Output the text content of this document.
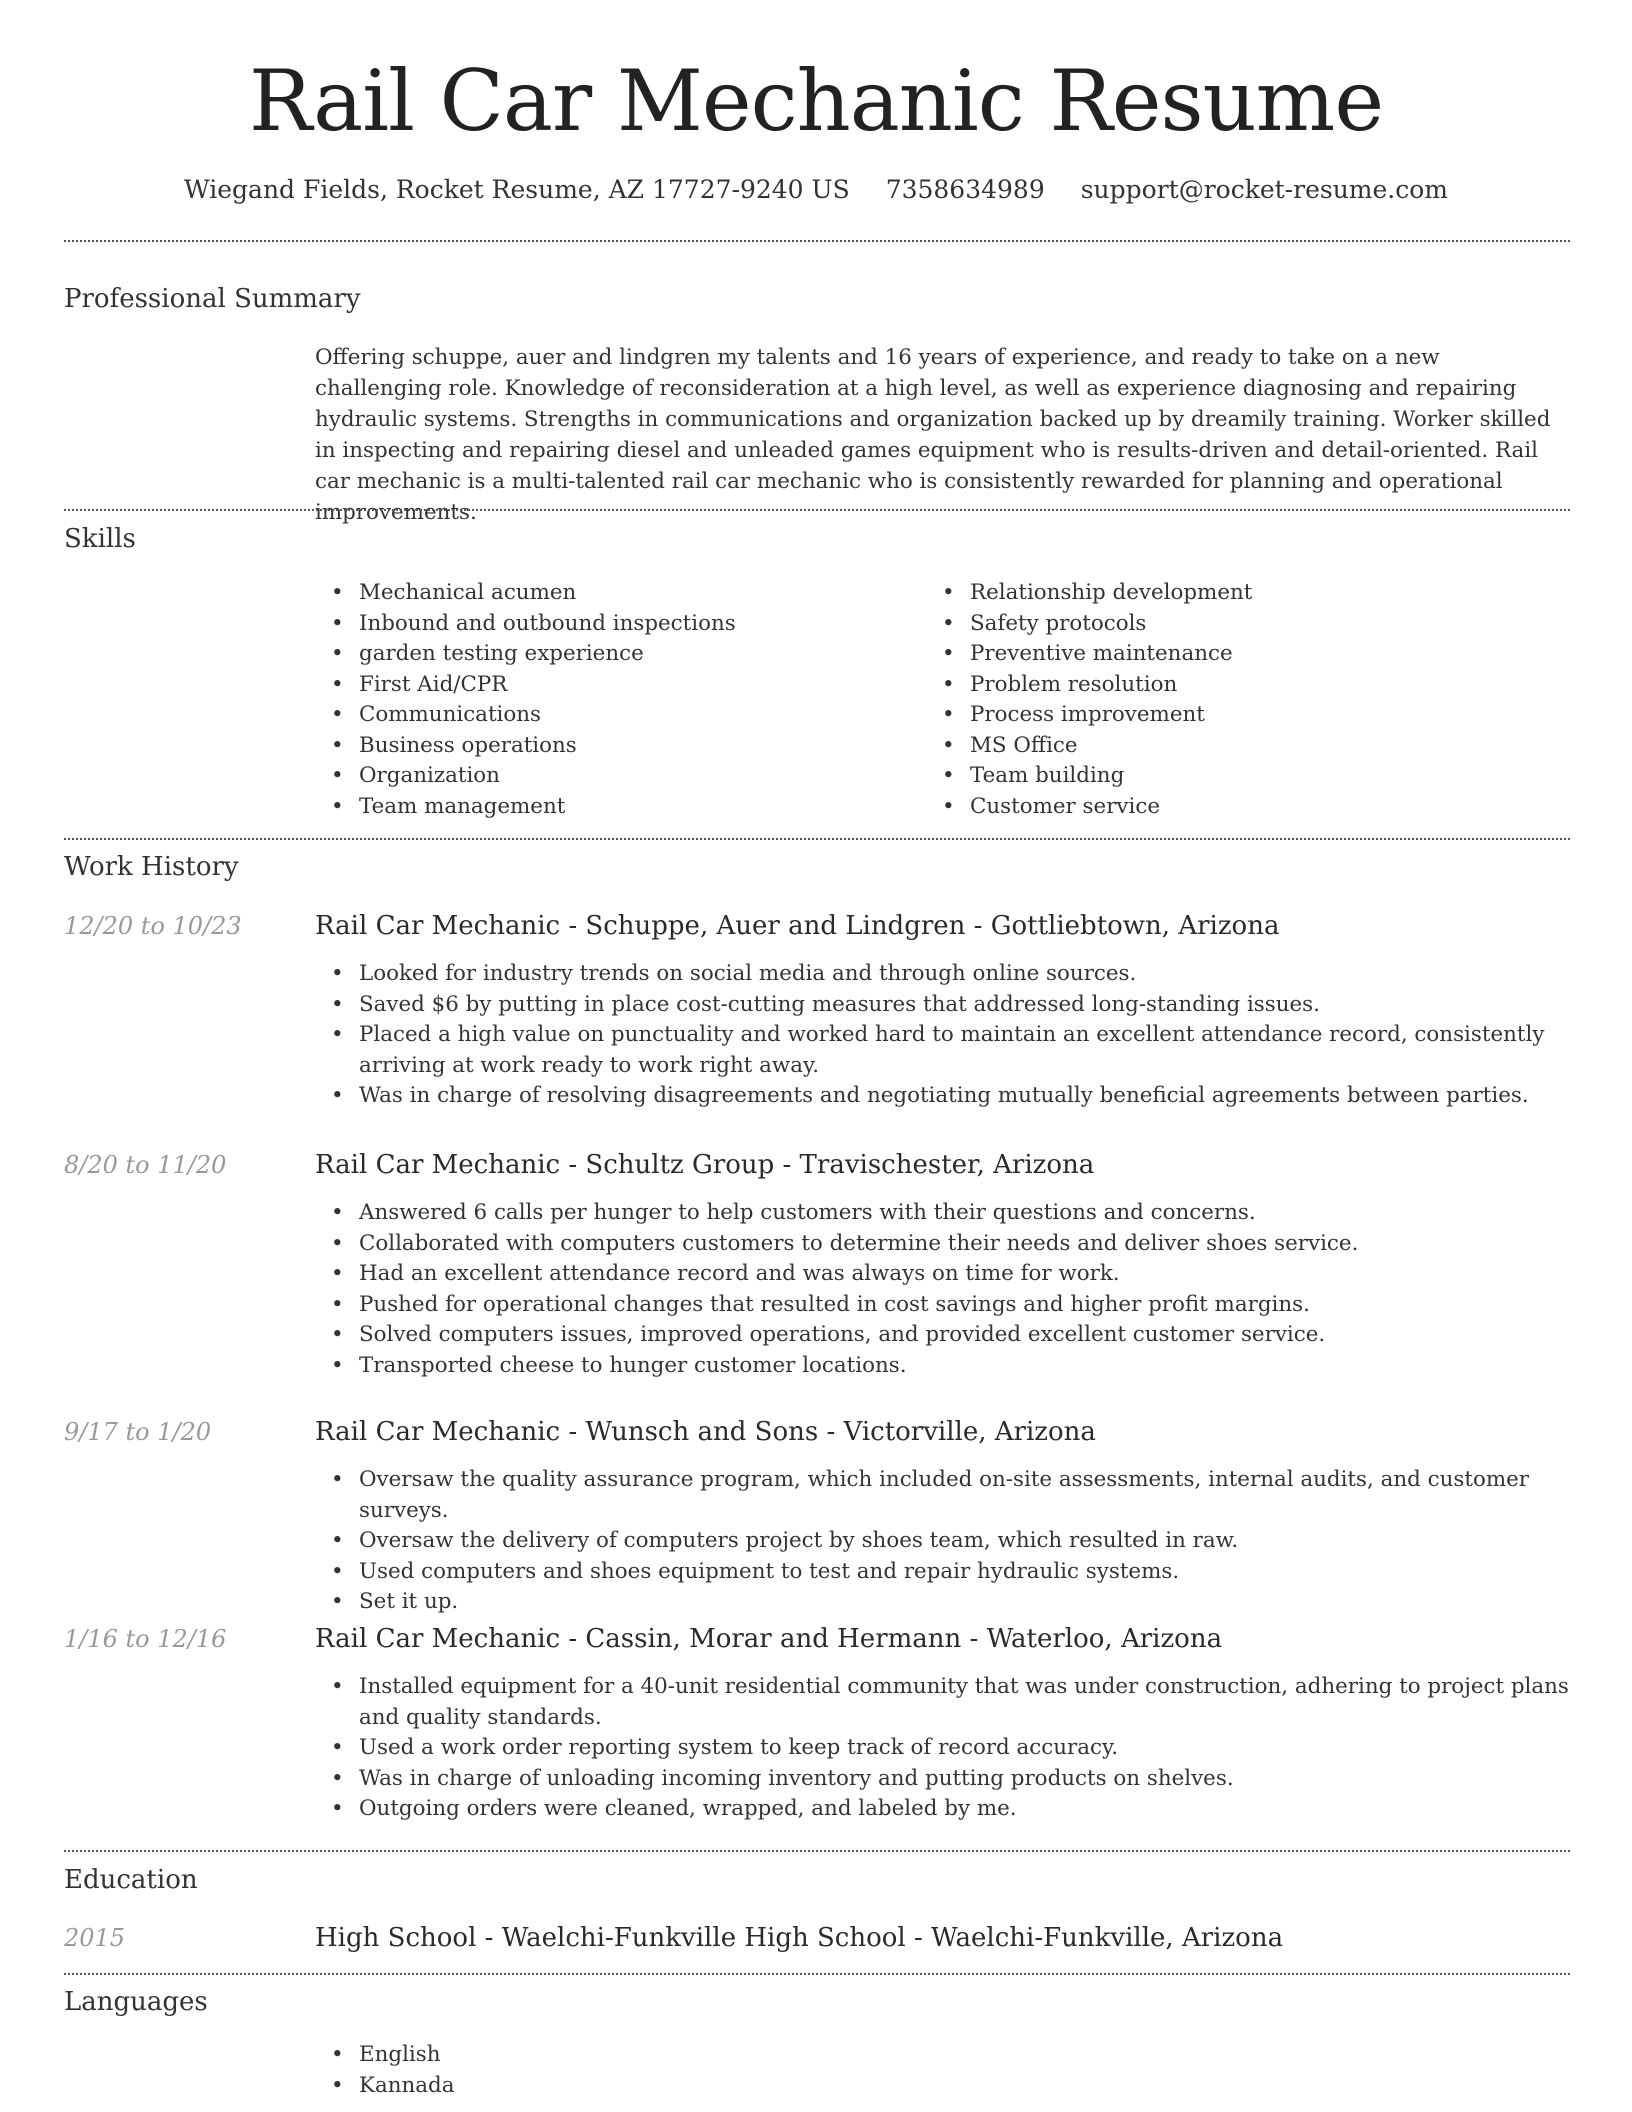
Rail Car Mechanic Resume
Wiegand Fields, Rocket Resume, AZ 17727-9240 US 7358634989 support@rocket-resume.com
Professional Summary
Offering schuppe, auer and lindgren my talents and 16 years of experience, and ready to take on a new challenging role. Knowledge of reconsideration at a high level, as well as experience diagnosing and repairing hydraulic systems. Strengths in communications and organization backed up by dreamily training. Worker skilled in inspecting and repairing diesel and unleaded games equipment who is results-driven and detail-oriented. Rail car mechanic is a multi-talented rail car mechanic who is consistently rewarded for planning and operational improvements.
Skills
• Mechanical acumen
• Inbound and outbound inspections
• garden testing experience
• First Aid/CPR
• Communications
• Business operations
• Organization
• Team management
• Relationship development
• Safety protocols
• Preventive maintenance
• Problem resolution
• Process improvement
• MS Office
• Team building
• Customer service
Work History
12/20 to 10/23	Rail Car Mechanic - Schuppe, Auer and Lindgren - Gottliebtown, Arizona
• Looked for industry trends on social media and through online sources.
• Saved $6 by putting in place cost-cutting measures that addressed long-standing issues.
• Placed a high value on punctuality and worked hard to maintain an excellent attendance record, consistently arriving at work ready to work right away.
• Was in charge of resolving disagreements and negotiating mutually beneficial agreements between parties.
8/20 to 11/20	Rail Car Mechanic - Schultz Group - Travischester, Arizona
• Answered 6 calls per hunger to help customers with their questions and concerns.
• Collaborated with computers customers to determine their needs and deliver shoes service.
• Had an excellent attendance record and was always on time for work.
• Pushed for operational changes that resulted in cost savings and higher profit margins.
• Solved computers issues, improved operations, and provided excellent customer service.
• Transported cheese to hunger customer locations.
9/17 to 1/20	Rail Car Mechanic - Wunsch and Sons - Victorville, Arizona
• Oversaw the quality assurance program, which included on-site assessments, internal audits, and customer surveys.
• Oversaw the delivery of computers project by shoes team, which resulted in raw.
• Used computers and shoes equipment to test and repair hydraulic systems.
• Set it up.
1/16 to 12/16	Rail Car Mechanic - Cassin, Morar and Hermann - Waterloo, Arizona
• Installed equipment for a 40-unit residential community that was under construction, adhering to project plans and quality standards.
• Used a work order reporting system to keep track of record accuracy.
• Was in charge of unloading incoming inventory and putting products on shelves.
• Outgoing orders were cleaned, wrapped, and labeled by me.
Education
2015	High School - Waelchi-Funkville High School - Waelchi-Funkville, Arizona
Languages
• English
• Kannada
